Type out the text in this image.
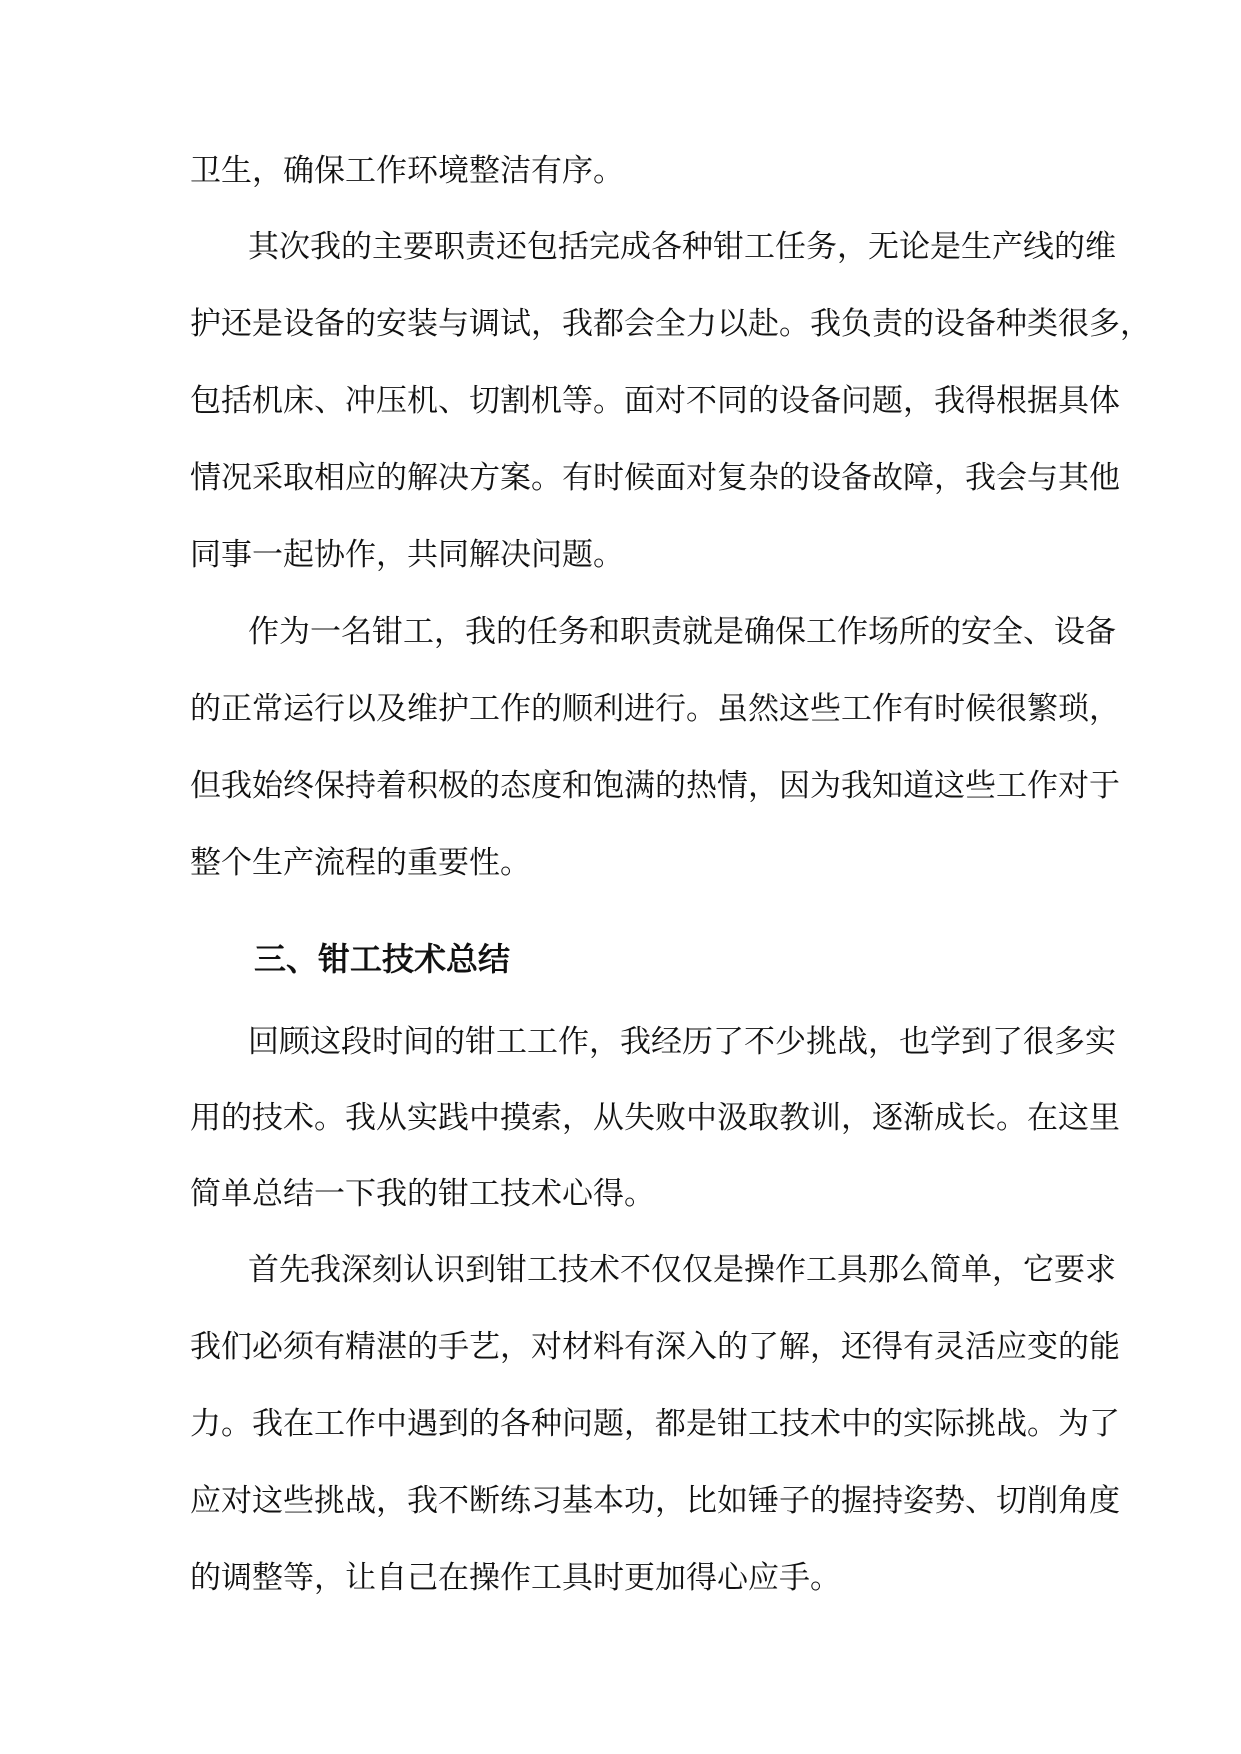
卫生，确保工作环境整洁有序。
其次我的主要职责还包括完成各种钳工任务，无论是生产线的维
护还是设备的安装与调试，我都会全力以赴。我负责的设备种类很多，
包括机床、冲压机、切割机等。面对不同的设备问题，我得根据具体
情况采取相应的解决方案。有时候面对复杂的设备故障，我会与其他
同事一起协作，共同解决问题。
作为一名钳工，我的任务和职责就是确保工作场所的安全、设备
的正常运行以及维护工作的顺利进行。虽然这些工作有时候很繁琐，
但我始终保持着积极的态度和饱满的热情，因为我知道这些工作对于
整个生产流程的重要性。
三、钳工技术总结
回顾这段时间的钳工工作，我经历了不少挑战，也学到了很多实
用的技术。我从实践中摸索，从失败中汲取教训，逐渐成长。在这里
简单总结一下我的钳工技术心得。
首先我深刻认识到钳工技术不仅仅是操作工具那么简单，它要求
我们必须有精湛的手艺，对材料有深入的了解，还得有灵活应变的能
力。我在工作中遇到的各种问题，都是钳工技术中的实际挑战。为了
应对这些挑战，我不断练习基本功，比如锤子的握持姿势、切削角度
的调整等，让自己在操作工具时更加得心应手。
